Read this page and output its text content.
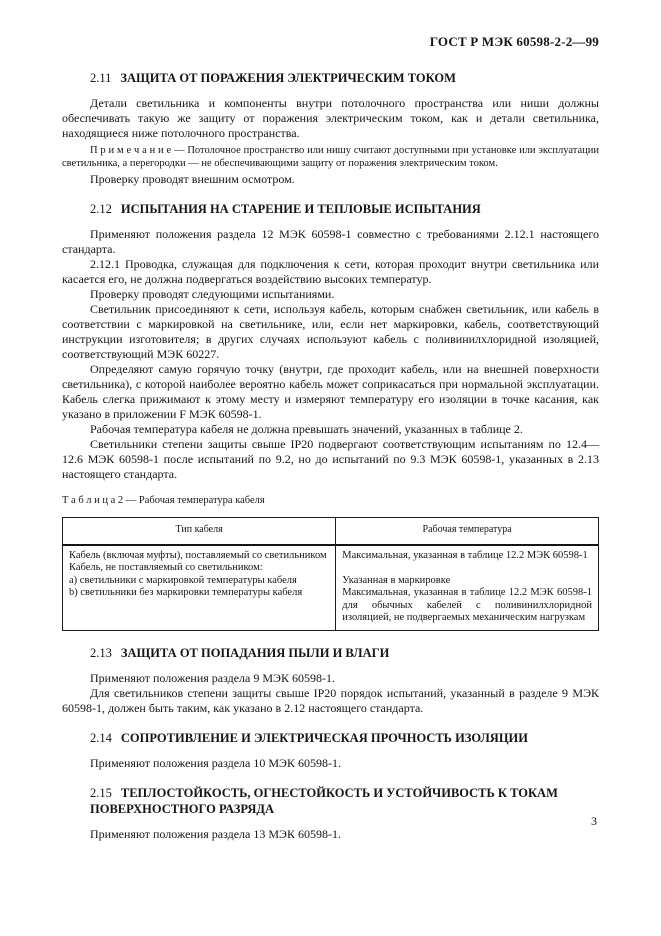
ГОСТ Р МЭК 60598-2-2—99
2.11 ЗАЩИТА ОТ ПОРАЖЕНИЯ ЭЛЕКТРИЧЕСКИМ ТОКОМ

Детали светильника и компоненты внутри потолочного пространства или ниши должны обеспечивать такую же защиту от поражения электрическим током, как и детали светильника, находящиеся ниже потолочного пространства.

П р и м е ч а н и е — Потолочное пространство или нишу считают доступными при установке или эксплуатации светильника, а перегородки — не обеспечивающими защиту от поражения электрическим током.

Проверку проводят внешним осмотром.

2.12 ИСПЫТАНИЯ НА СТАРЕНИЕ И ТЕПЛОВЫЕ ИСПЫТАНИЯ

Применяют положения раздела 12 МЭК 60598-1 совместно с требованиями 2.12.1 настоящего стандарта.

2.12.1 Проводка, служащая для подключения к сети, которая проходит внутри светильника или касается его, не должна подвергаться воздействию высоких температур.

Проверку проводят следующими испытаниями.

Светильник присоединяют к сети, используя кабель, которым снабжен светильник, или кабель в соответствии с маркировкой на светильнике, или, если нет маркировки, кабель, соответствующий инструкции изготовителя; в других случаях используют кабель с поливинилхлоридной изоляцией, соответствующий МЭК 60227.

Определяют самую горячую точку (внутри, где проходит кабель, или на внешней поверхности светильника), с которой наиболее вероятно кабель может соприкасаться при нормальной эксплуатации. Кабель слегка прижимают к этому месту и измеряют температуру его изоляции в точке касания, как указано в приложении F МЭК 60598-1.

Рабочая температура кабеля не должна превышать значений, указанных в таблице 2.

Светильники степени защиты свыше IP20 подвергают соответствующим испытаниям по 12.4—12.6 МЭК 60598-1 после испытаний по 9.2, но до испытаний по 9.3 МЭК 60598-1, указанных в 2.13 настоящего стандарта.

Т а б л и ц а 2 — Рабочая температура кабеля
Тип кабеля	Рабочая температура
Кабель (включая муфты), поставляемый со светильником	Максимальная, указанная в таблице 12.2 МЭК 60598-1
Кабель, не поставляемый со светильником:	
a) светильники с маркировкой температуры кабеля	Указанная в маркировке
b) светильники без маркировки температуры кабеля	Максимальная, указанная в таблице 12.2 МЭК 60598-1 для обычных кабелей с поливинилхлоридной изоляцией, не подвергаемых механическим нагрузкам
2.13 ЗАЩИТА ОТ ПОПАДАНИЯ ПЫЛИ И ВЛАГИ

Применяют положения раздела 9 МЭК 60598-1.

Для светильников степени защиты свыше IP20 порядок испытаний, указанный в разделе 9 МЭК 60598-1, должен быть таким, как указано в 2.12 настоящего стандарта.

2.14 СОПРОТИВЛЕНИЕ И ЭЛЕКТРИЧЕСКАЯ ПРОЧНОСТЬ ИЗОЛЯЦИИ

Применяют положения раздела 10 МЭК 60598-1.

2.15 ТЕПЛОСТОЙКОСТЬ, ОГНЕСТОЙКОСТЬ И УСТОЙЧИВОСТЬ К ТОКАМ ПОВЕРХНОСТНОГО РАЗРЯДА

Применяют положения раздела 13 МЭК 60598-1.

3
